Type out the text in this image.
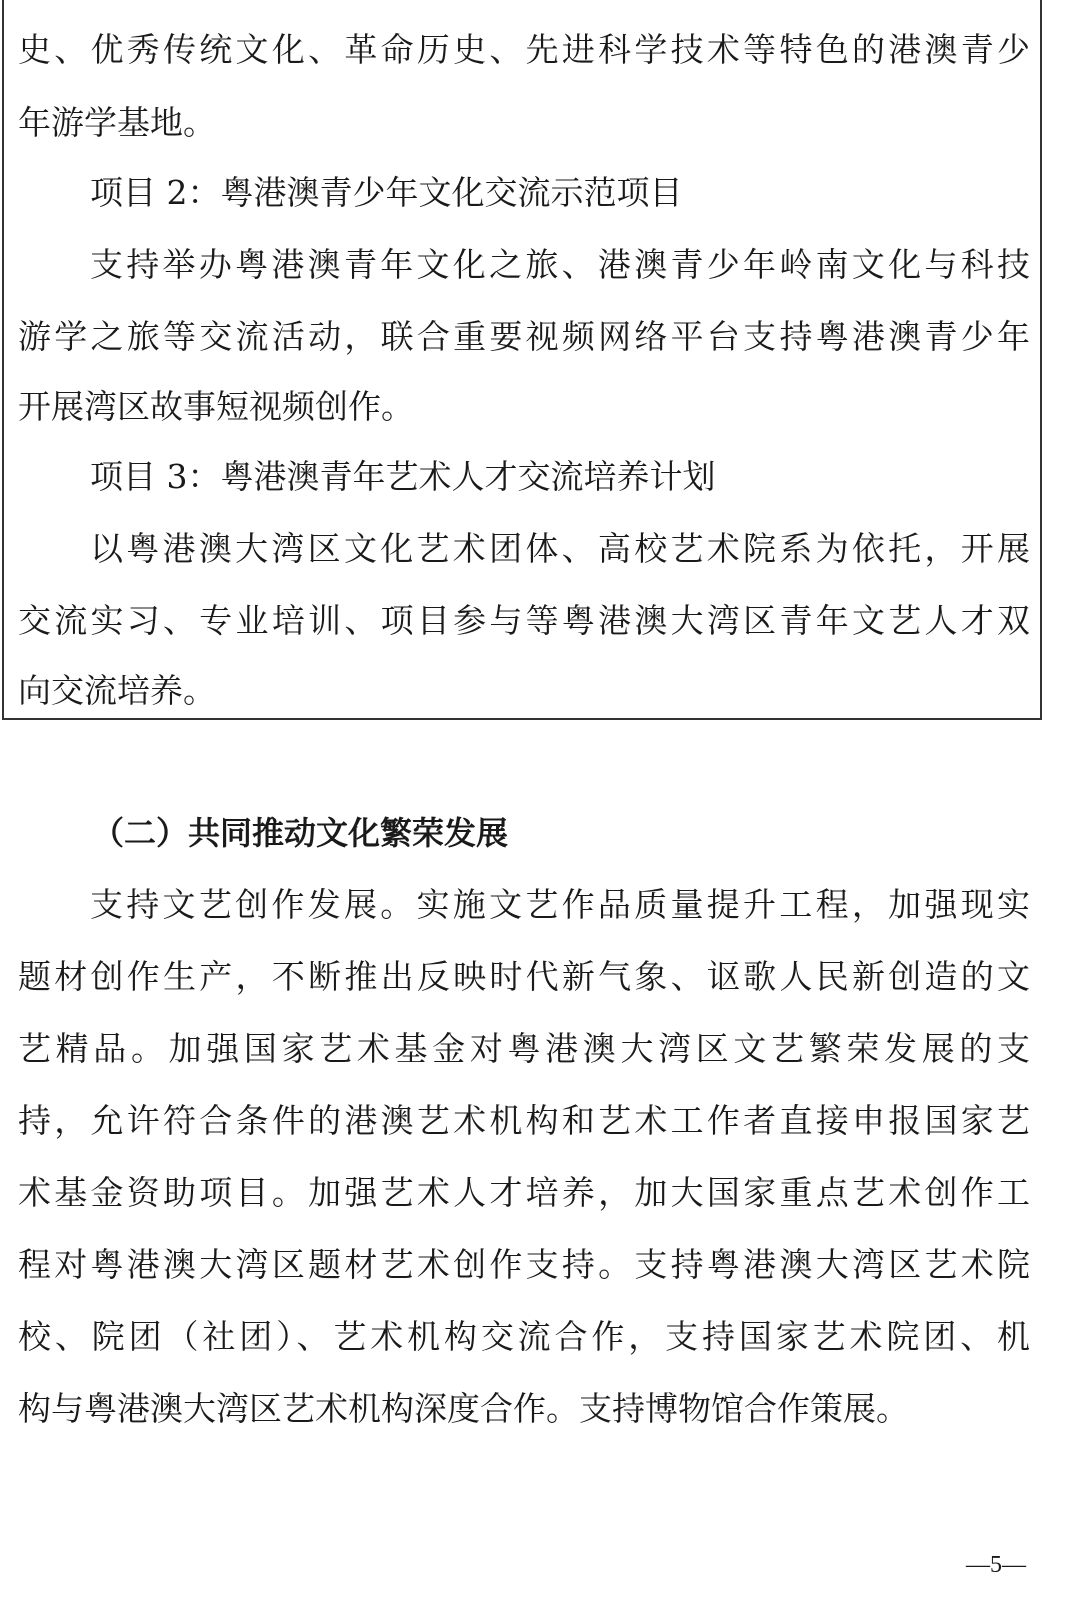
史、优秀传统文化、革命历史、先进科学技术等特色的港澳青少

年游学基地。

项目 2：粤港澳青少年文化交流示范项目

支持举办粤港澳青年文化之旅、港澳青少年岭南文化与科技

游学之旅等交流活动，联合重要视频网络平台支持粤港澳青少年

开展湾区故事短视频创作。

项目 3：粤港澳青年艺术人才交流培养计划

以粤港澳大湾区文化艺术团体、高校艺术院系为依托，开展

交流实习、专业培训、项目参与等粤港澳大湾区青年文艺人才双

向交流培养。

（二）共同推动文化繁荣发展

支持文艺创作发展。实施文艺作品质量提升工程，加强现实

题材创作生产，不断推出反映时代新气象、讴歌人民新创造的文

艺精品。加强国家艺术基金对粤港澳大湾区文艺繁荣发展的支

持，允许符合条件的港澳艺术机构和艺术工作者直接申报国家艺

术基金资助项目。加强艺术人才培养，加大国家重点艺术创作工

程对粤港澳大湾区题材艺术创作支持。支持粤港澳大湾区艺术院

校、院团（社团）、艺术机构交流合作，支持国家艺术院团、机

构与粤港澳大湾区艺术机构深度合作。支持博物馆合作策展。

—5—
